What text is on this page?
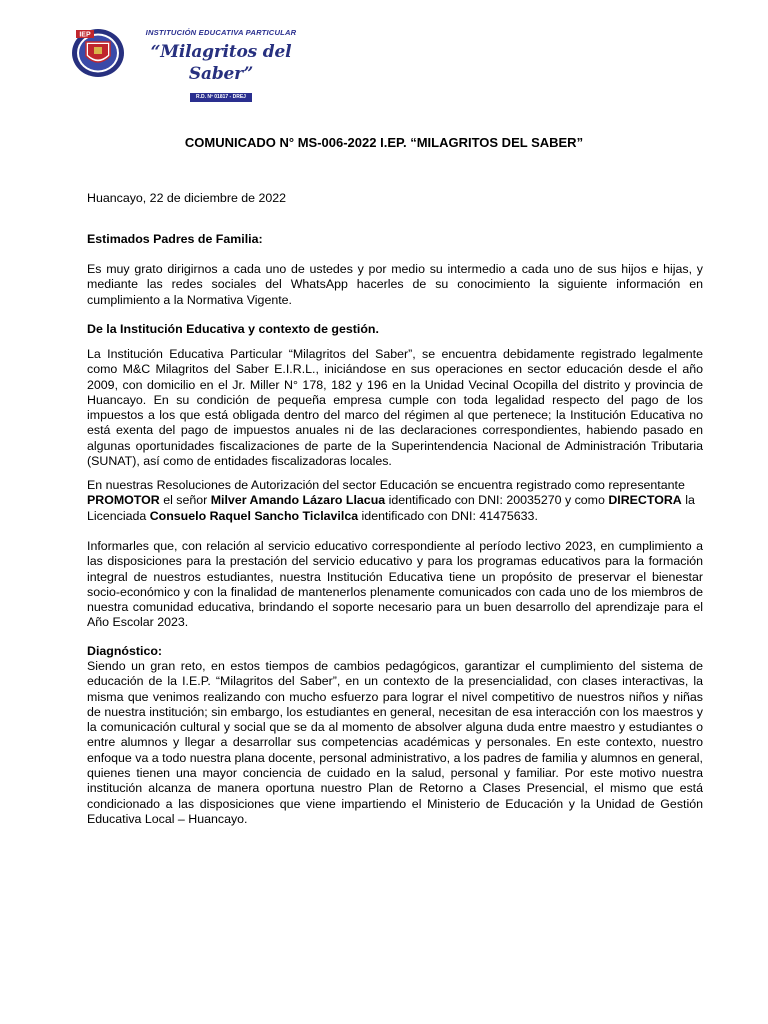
IEP	INSTITUCIÓN EDUCATIVA PARTICULAR
“Milagritos del Saber”
R.D. Nº 01817 - DREJ
COMUNICADO N° MS-006-2022 I.EP. “MILAGRITOS DEL SABER”
Huancayo, 22 de diciembre de 2022
Estimados Padres de Familia:
Es muy grato dirigirnos a cada uno de ustedes y por medio su intermedio a cada uno de sus hijos e hijas, y mediante las redes sociales del WhatsApp hacerles de su conocimiento la siguiente información en cumplimiento a la Normativa Vigente.
De la Institución Educativa y contexto de gestión.
La Institución Educativa Particular “Milagritos del Saber”, se encuentra debidamente registrado legalmente como M&C Milagritos del Saber E.I.R.L., iniciándose en sus operaciones en sector educación desde el año 2009, con domicilio en el Jr. Miller N° 178, 182 y 196 en la Unidad Vecinal Ocopilla del distrito y provincia de Huancayo. En su condición de pequeña empresa cumple con toda legalidad respecto del pago de los impuestos a los que está obligada dentro del marco del régimen al que pertenece; la Institución Educativa no está exenta del pago de impuestos anuales ni de las declaraciones correspondientes, habiendo pasado en algunas oportunidades fiscalizaciones de parte de la Superintendencia Nacional de Administración Tributaria (SUNAT), así como de entidades fiscalizadoras locales.
En nuestras Resoluciones de Autorización del sector Educación se encuentra registrado como representante PROMOTOR el señor Milver Amando Lázaro Llacua identificado con DNI: 20035270 y como DIRECTORA la Licenciada Consuelo Raquel Sancho Ticlavilca identificado con DNI: 41475633.
Informarles que, con relación al servicio educativo correspondiente al período lectivo 2023, en cumplimiento a las disposiciones para la prestación del servicio educativo y para los programas educativos para la formación integral de nuestros estudiantes, nuestra Institución Educativa tiene un propósito de preservar el bienestar socio-económico y con la finalidad de mantenerlos plenamente comunicados con cada uno de los miembros de nuestra comunidad educativa, brindando el soporte necesario para un buen desarrollo del aprendizaje para el Año Escolar 2023.
Diagnóstico:
Siendo un gran reto, en estos tiempos de cambios pedagógicos, garantizar el cumplimiento del sistema de educación de la I.E.P. “Milagritos del Saber”, en un contexto de la presencialidad, con clases interactivas, la misma que venimos realizando con mucho esfuerzo para lograr el nivel competitivo de nuestros niños y niñas de nuestra institución; sin embargo, los estudiantes en general, necesitan de esa interacción con los maestros y la comunicación cultural y social que se da al momento de absolver alguna duda entre maestro y estudiantes o entre alumnos y llegar a desarrollar sus competencias académicas y personales. En este contexto, nuestro enfoque va a todo nuestra plana docente, personal administrativo, a los padres de familia y alumnos en general, quienes tienen una mayor conciencia de cuidado en la salud, personal y familiar. Por este motivo nuestra institución alcanza de manera oportuna nuestro Plan de Retorno a Clases Presencial, el mismo que está condicionado a las disposiciones que viene impartiendo el Ministerio de Educación y la Unidad de Gestión Educativa Local – Huancayo.
